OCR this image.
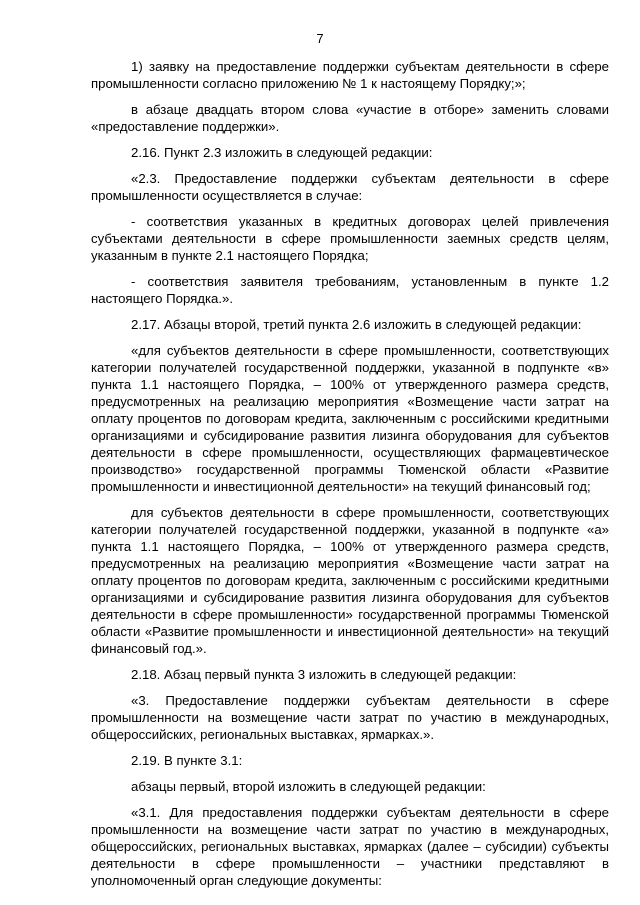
7

1) заявку на предоставление поддержки субъектам деятельности в сфере промышленности согласно приложению № 1 к настоящему Порядку;»;

в абзаце двадцать втором слова «участие в отборе» заменить словами «предоставление поддержки».

2.16. Пункт 2.3 изложить в следующей редакции:

«2.3. Предоставление поддержки субъектам деятельности в сфере промышленности осуществляется в случае:

- соответствия указанных в кредитных договорах целей привлечения субъектами деятельности в сфере промышленности заемных средств целям, указанным в пункте 2.1 настоящего Порядка;

- соответствия заявителя требованиям, установленным в пункте 1.2 настоящего Порядка.».

2.17. Абзацы второй, третий пункта 2.6 изложить в следующей редакции:

«для субъектов деятельности в сфере промышленности, соответствующих категории получателей государственной поддержки, указанной в подпункте «в» пункта 1.1 настоящего Порядка, – 100% от утвержденного размера средств, предусмотренных на реализацию мероприятия «Возмещение части затрат на оплату процентов по договорам кредита, заключенным с российскими кредитными организациями и субсидирование развития лизинга оборудования для субъектов деятельности в сфере промышленности, осуществляющих фармацевтическое производство» государственной программы Тюменской области «Развитие промышленности и инвестиционной деятельности» на текущий финансовый год;

для субъектов деятельности в сфере промышленности, соответствующих категории получателей государственной поддержки, указанной в подпункте «а» пункта 1.1 настоящего Порядка, – 100% от утвержденного размера средств, предусмотренных на реализацию мероприятия «Возмещение части затрат на оплату процентов по договорам кредита, заключенным с российскими кредитными организациями и субсидирование развития лизинга оборудования для субъектов деятельности в сфере промышленности» государственной программы Тюменской области «Развитие промышленности и инвестиционной деятельности» на текущий финансовый год.».

2.18. Абзац первый пункта 3 изложить в следующей редакции:

«3. Предоставление поддержки субъектам деятельности в сфере промышленности на возмещение части затрат по участию в международных, общероссийских, региональных выставках, ярмарках.».

2.19. В пункте 3.1:

абзацы первый, второй изложить в следующей редакции:

«3.1. Для предоставления поддержки субъектам деятельности в сфере промышленности на возмещение части затрат по участию в международных, общероссийских, региональных выставках, ярмарках (далее – субсидии) субъекты деятельности в сфере промышленности – участники представляют в уполномоченный орган следующие документы:
